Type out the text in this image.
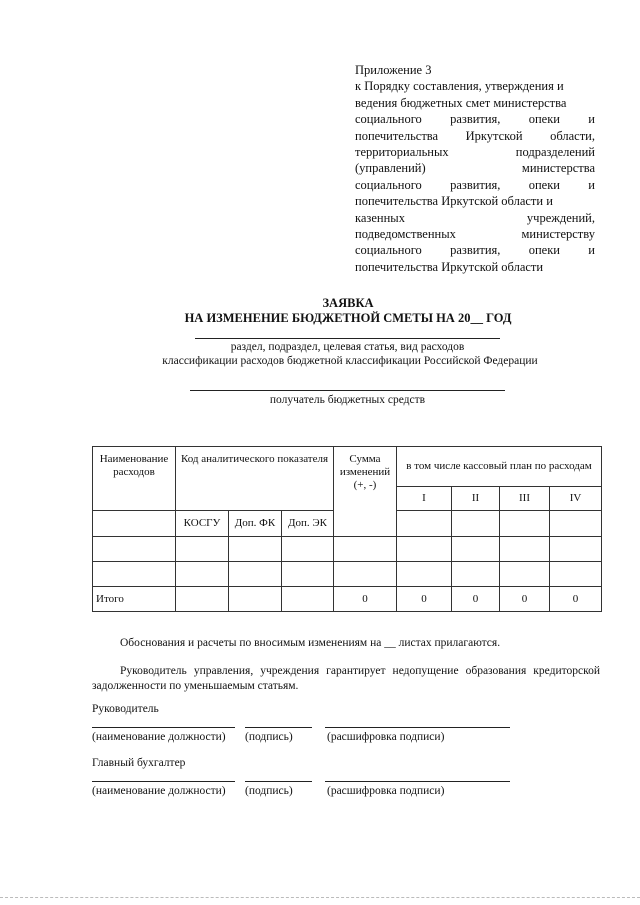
Приложение 3
к Порядку составления, утверждения и
ведения бюджетных смет министерства
социального развития, опеки и
попечительства Иркутской области,
территориальных	подразделений
(управлений)	министерства
социального развития, опеки и
попечительства Иркутской области и
казенных	учреждений,
подведомственных	министерству
социального развития, опеки и
попечительства Иркутской области
ЗАЯВКА
НА ИЗМЕНЕНИЕ БЮДЖЕТНОЙ СМЕТЫ НА 20__ ГОД
раздел, подраздел, целевая статья, вид расходов
классификации расходов бюджетной классификации Российской Федерации
получатель бюджетных средств
Наименование расходов	Код аналитического показателя			Сумма изменений (+, -)	в том числе кассовый план по расходам			
					I	II	III	IV
	КОСГУ	Доп. ФК	Доп. ЭК					

Итого				0	0	0	0	0
Обоснования и расчеты по вносимым изменениям на __ листах прилагаются.
Руководитель управления, учреждения гарантирует недопущение образования кредиторской задолженности по уменьшаемым статьям.
Руководитель
(наименование должности) (подпись)	(расшифровка подписи)
Главный бухгалтер
(наименование должности) (подпись)	(расшифровка подписи)
